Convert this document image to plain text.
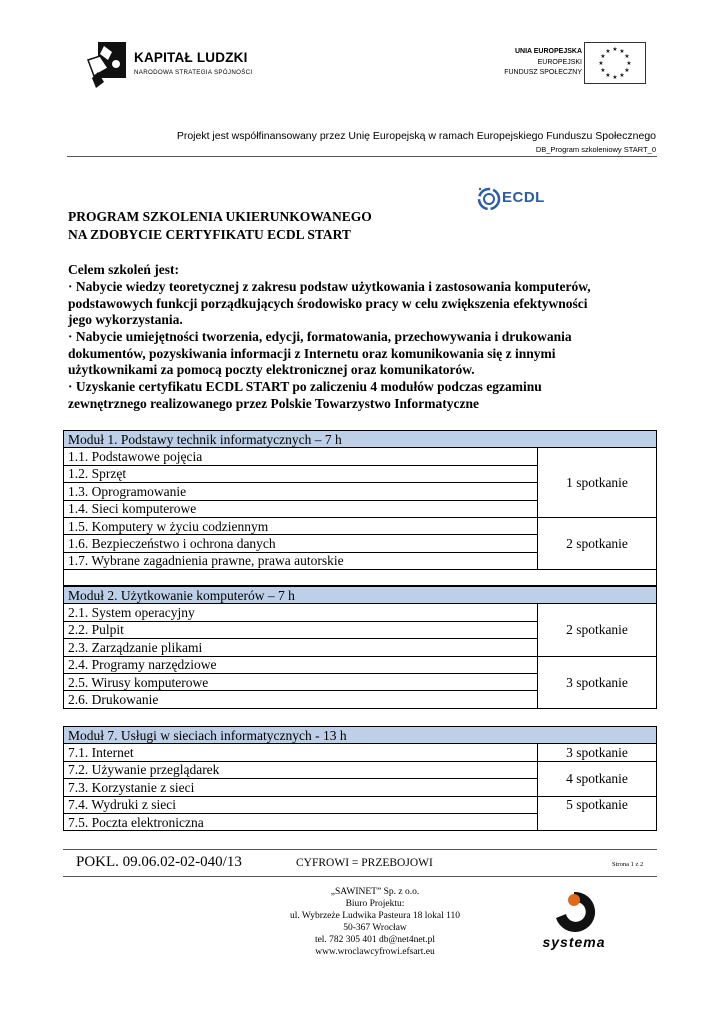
KAPITAŁ LUDZKI
NARODOWA STRATEGIA SPÓJNOŚCI
UNIA EUROPEJSKA
EUROPEJSKI
FUNDUSZ SPOŁECZNY
★ ★
★
★
★
★
★
★
★
★
★
★
Projekt jest współfinansowany przez Unię Europejską w ramach Europejskiego Funduszu Społecznego
DB_Program szkoleniowy START_0
ECDL
PROGRAM SZKOLENIA UKIERUNKOWANEGO
NA ZDOBYCIE CERTYFIKATU ECDL START
Celem szkoleń jest:
· Nabycie wiedzy teoretycznej z zakresu podstaw użytkowania i zastosowania komputerów,
podstawowych funkcji porządkujących środowisko pracy w celu zwiększenia efektywności
jego wykorzystania.
· Nabycie umiejętności tworzenia, edycji, formatowania, przechowywania i drukowania
dokumentów, pozyskiwania informacji z Internetu oraz komunikowania się z innymi
użytkownikami za pomocą poczty elektronicznej oraz komunikatorów.
· Uzyskanie certyfikatu ECDL START po zaliczeniu 4 modułów podczas egzaminu
zewnętrznego realizowanego przez Polskie Towarzystwo Informatyczne
Moduł 1. Podstawy technik informatycznych – 7 h	
1.1. Podstawowe pojęcia	1 spotkanie
1.2. Sprzęt	
1.3. Oprogramowanie	
1.4. Sieci komputerowe	
1.5. Komputery w życiu codziennym	2 spotkanie
1.6. Bezpieczeństwo i ochrona danych	
1.7. Wybrane zagadnienia prawne, prawa autorskie	

Moduł 2. Użytkowanie komputerów – 7 h	
2.1. System operacyjny	2 spotkanie
2.2. Pulpit	
2.3. Zarządzanie plikami	
2.4. Programy narzędziowe	3 spotkanie
2.5. Wirusy komputerowe	
2.6. Drukowanie	
Moduł 7. Usługi w sieciach informatycznych - 13 h	
7.1. Internet	3 spotkanie
7.2. Używanie przeglądarek	4 spotkanie
7.3. Korzystanie z sieci	
7.4. Wydruki z sieci	5 spotkanie
7.5. Poczta elektroniczna	
POKL. 09.06.02-02-040/13	CYFROWI = PRZEBOJOWI	Strona 1 z 2
„SAWINET” Sp. z o.o.
Biuro Projektu:
ul. Wybrzeże Ludwika Pasteura 18 lokal 110
50-367 Wrocław
tel. 782 305 401 db@net4net.pl
www.wroclawcyfrowi.efsart.eu
systema
